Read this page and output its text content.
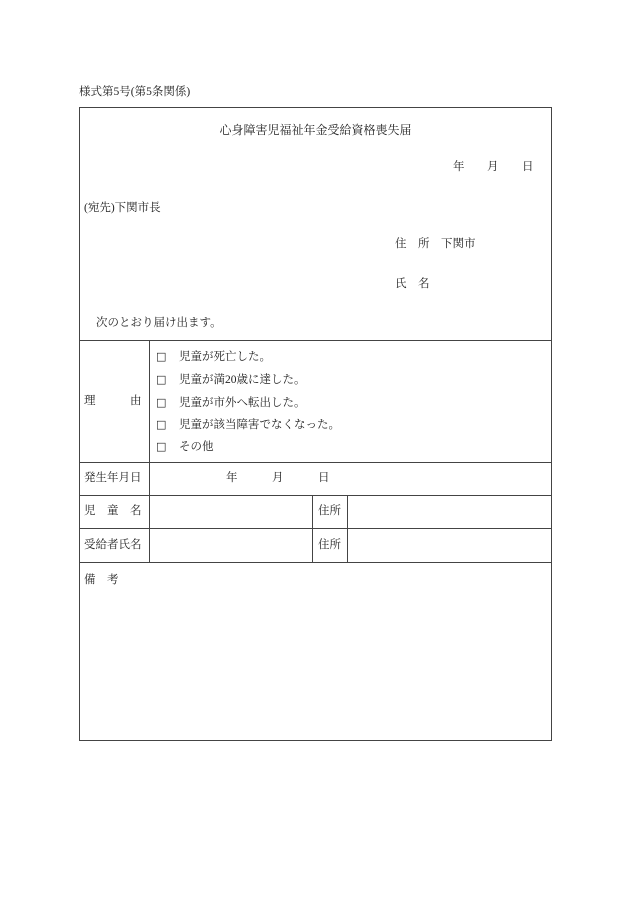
様式第5号(第5条関係)
心身障害児福祉年金受給資格喪失届
年 月 日
(宛先)下関市長
住　所 下関市
氏　名
次のとおり届け出ます。
理　　　由
□ 児童が死亡した。
□ 児童が満20歳に達した。
□ 児童が市外へ転出した。
□ 児童が該当障害でなくなった。
□ その他
発生年月日	年	月	日
児　童　名	住所
受給者氏名	住所
備　考
